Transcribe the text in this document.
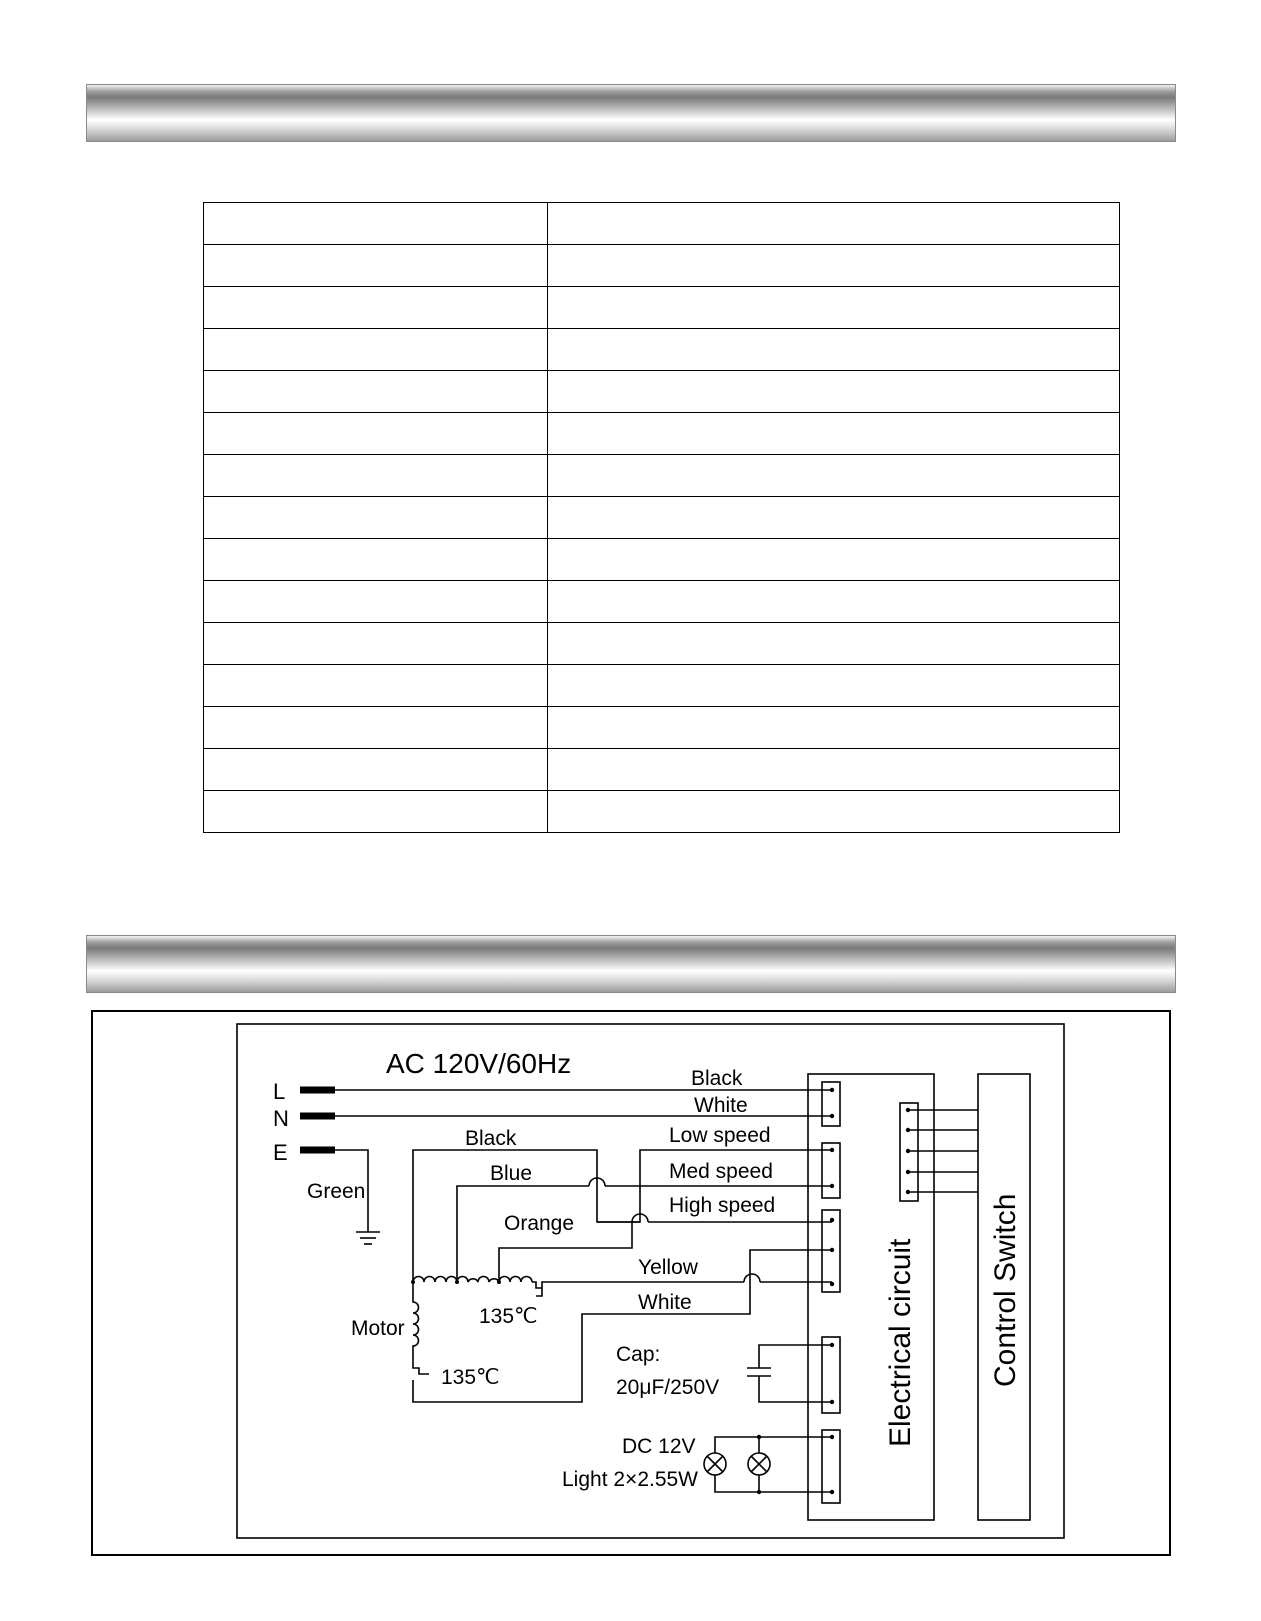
AC 120V/60Hz
L
N
E
Green
Black
White
Black
Blue
Orange
Low speed
Med speed
High speed
Yellow
White
Motor
135℃
135℃
Cap:
20μF/250V
DC 12V
Light 2×2.55W
Electrical circuit Control Switch
